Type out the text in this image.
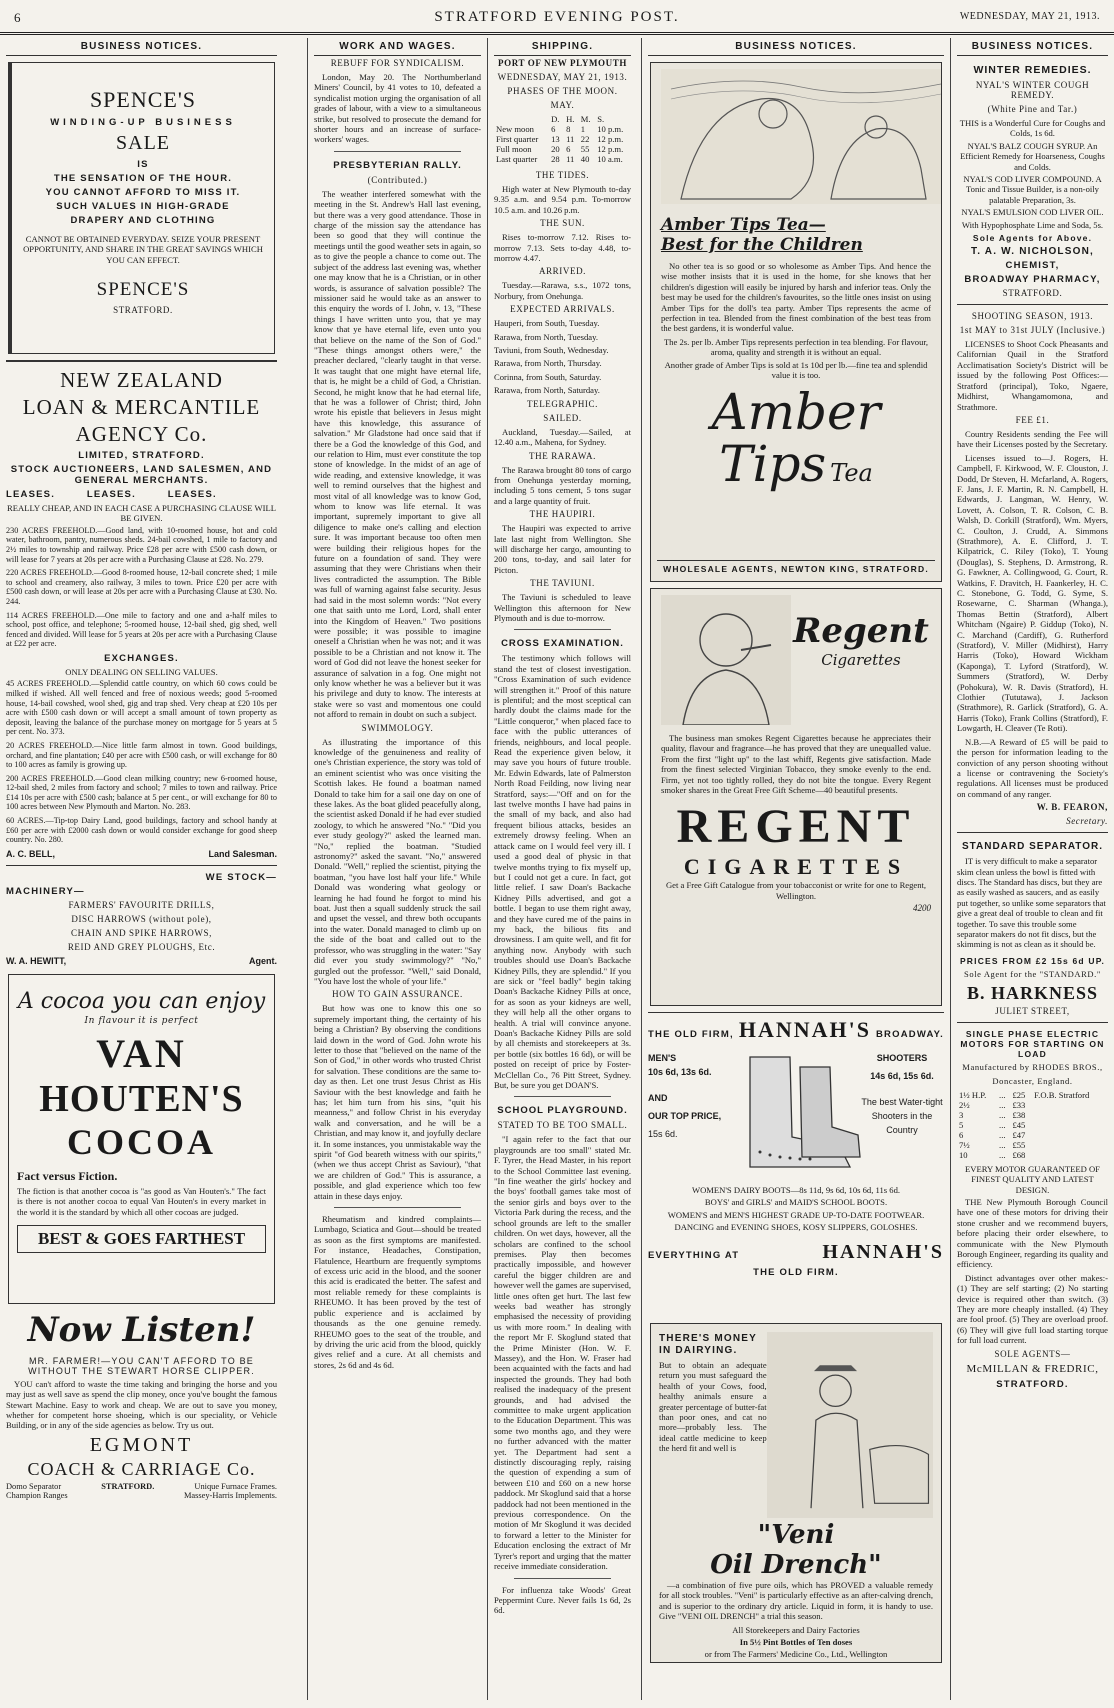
6	STRATFORD EVENING POST.	WEDNESDAY, MAY 21, 1913.
BUSINESS NOTICES.
SPENCE'S
WINDING-UP BUSINESS
SALE
IS
THE SENSATION OF THE HOUR.
YOU CANNOT AFFORD TO MISS IT.
SUCH VALUES IN HIGH-GRADE
DRAPERY AND CLOTHING

CANNOT BE OBTAINED EVERYDAY. SEIZE YOUR PRESENT OPPORTUNITY, AND SHARE IN THE GREAT SAVINGS WHICH YOU CAN EFFECT.

SPENCE'S
STRATFORD.
NEW ZEALAND
LOAN & MERCANTILE
AGENCY Co.
LIMITED, STRATFORD.
STOCK AUCTIONEERS, LAND SALESMEN, AND GENERAL MERCHANTS.
LEASES. LEASES. LEASES.

REALLY CHEAP, AND IN EACH CASE A PURCHASING CLAUSE WILL BE GIVEN.

230 ACRES FREEHOLD.—Good land, with 10-roomed house, hot and cold water, bathroom, pantry, numerous sheds. 24-bail cowshed, 1 mile to factory and 2½ miles to township and railway. Price £28 per acre with £500 cash down, or will lease for 7 years at 20s per acre with a Purchasing Clause at £28. No. 279.

220 ACRES FREEHOLD.—Good 8-roomed house, 12-bail concrete shed; 1 mile to school and creamery, also railway, 3 miles to town. Price £20 per acre with £500 cash down, or will lease at 20s per acre with a Purchasing Clause at £30. No. 244.

114 ACRES FREEHOLD.—One mile to factory and one and a-half miles to school, post office, and telephone; 5-roomed house, 12-bail shed, gig shed, well fenced and divided. Will lease for 5 years at 20s per acre with a Purchasing Clause at £22 per acre.

EXCHANGES.

ONLY DEALING ON SELLING VALUES.

45 ACRES FREEHOLD.—Splendid cattle country, on which 60 cows could be milked if wished. All well fenced and free of noxious weeds; good 5-roomed house, 14-bail cowshed, wool shed, gig and trap shed. Very cheap at £20 10s per acre with £500 cash down or will accept a small amount of town property as deposit, leaving the balance of the purchase money on mortgage for 5 years at 5 per cent. No. 373.

20 ACRES FREEHOLD.—Nice little farm almost in town. Good buildings, orchard, and fine plantation; £40 per acre with £500 cash, or will exchange for 80 to 100 acres as family is growing up.

200 ACRES FREEHOLD.—Good clean milking country; new 6-roomed house, 12-bail shed, 2 miles from factory and school; 7 miles to town and railway. Price £14 10s per acre with £500 cash; balance at 5 per cent., or will exchange for 80 to 100 acres between New Plymouth and Marton. No. 283.

60 ACRES.—Tip-top Dairy Land, good buildings, factory and school handy at £60 per acre with £2000 cash down or would consider exchange for good sheep country. No. 280.

A. C. BELL,	Land Salesman.
WE STOCK—
MACHINERY—
FARMERS' FAVOURITE DRILLS,
DISC HARROWS (without pole),
CHAIN AND SPIKE HARROWS,
REID AND GREY PLOUGHS, Etc.
W. A. HEWITT,	Agent.
A cocoa you can enjoy
In flavour it is perfect
VAN
HOUTEN'S
COCOA
Fact versus Fiction.

The fiction is that another cocoa is "as good as Van Houten's." The fact is there is not another cocoa to equal Van Houten's in every market in the world it is the standard by which all other cocoas are judged.

BEST & GOES FARTHEST
Now Listen!
MR. FARMER!—YOU CAN'T AFFORD TO BE WITHOUT THE STEWART HORSE CLIPPER.

YOU can't afford to waste the time taking and bringing the horse and you may just as well save as spend the clip money, once you've bought the famous Stewart Machine. Easy to work and cheap. We are out to save you money, whether for competent horse shoeing, which is our speciality, or Vehicle Building, or in any of the side agencies as below. Try us out.

EGMONT
COACH & CARRIAGE Co.
Domo Separator	STRATFORD.	Unique Furnace Frames.
Champion Ranges	Massey-Harris Implements.
WORK AND WAGES.
REBUFF FOR SYNDICALISM.

London, May 20. The Northumberland Miners' Council, by 41 votes to 10, defeated a syndicalist motion urging the organisation of all grades of labour, with a view to a simultaneous strike, but resolved to prosecute the demand for shorter hours and an increase of surface-workers' wages.

PRESBYTERIAN RALLY.
(Contributed.)

The weather interfered somewhat with the meeting in the St. Andrew's Hall last evening, but there was a very good attendance. Those in charge of the mission say the attendance has been so good that they will continue the meetings until the good weather sets in again, so as to give the people a chance to come out. The subject of the address last evening was, whether one may know that he is a Christian, or in other words, is assurance of salvation possible? The missioner said he would take as an answer to this enquiry the words of I. John, v. 13, "These things I have written unto you, that ye may know that ye have eternal life, even unto you that believe on the name of the Son of God." "These things amongst others were," the preacher declared, "clearly taught in that verse. It was taught that one might have eternal life, that is, he might be a child of God, a Christian. Second, he might know that he had eternal life, that he was a follower of Christ; third, John wrote his epistle that believers in Jesus might have this knowledge, this assurance of salvation." Mr Gladstone had once said that if there be a God the knowledge of this God, and our relation to Him, must ever constitute the top stone of knowledge. In the midst of an age of wide reading, and extensive knowledge, it was well to remind ourselves that the highest and most vital of all knowledge was to know God, whom to know was life eternal. It was important, supremely important to give all diligence to make one's calling and election sure. It was important because too often men were building their religious hopes for the future on a foundation of sand. They were assuming that they were Christians when their lives contradicted the assumption. The Bible was full of warning against false security. Jesus had said in the most solemn words: "Not every one that saith unto me Lord, Lord, shall enter into the Kingdom of Heaven." Two positions were possible; it was possible to imagine oneself a Christian when he was not; and it was possible to be a Christian and not know it. The word of God did not leave the honest seeker for assurance of salvation in a fog. One might not only know whether he was a believer but it was his privilege and duty to know. The interests at stake were so vast and momentous one could not afford to remain in doubt on such a subject.

SWIMMOLOGY.

As illustrating the importance of this knowledge of the genuineness and reality of one's Christian experience, the story was told of an eminent scientist who was once visiting the Scottish lakes. He found a boatman named Donald to take him for a sail one day on one of these lakes. As the boat glided peacefully along, the scientist asked Donald if he had ever studied zoology, to which he answered "No." "Did you ever study geology?" asked the learned man. "No," replied the boatman. "Studied astronomy?" asked the savant. "No," answered Donald. "Well," replied the scientist, pitying the boatman, "you have lost half your life." While Donald was wondering what geology or learning he had found he forgot to mind his boat. Just then a squall suddenly struck the sail and upset the vessel, and threw both occupants into the water. Donald managed to climb up on the side of the boat and called out to the professor, who was struggling in the water: "Say did ever you study swimmology?" "No," gurgled out the professor. "Well," said Donald, "You have lost the whole of your life."

HOW TO GAIN ASSURANCE.

But how was one to know this one so supremely important thing, the certainty of his being a Christian? By observing the conditions laid down in the word of God. John wrote his letter to those that "believed on the name of the Son of God," in other words who trusted Christ for salvation. These conditions are the same to-day as then. Let one trust Jesus Christ as His Saviour with the best knowledge and faith he has; let him turn from his sins, "quit his meanness," and follow Christ in his everyday walk and conversation, and he will be a Christian, and may know it, and joyfully declare it. In some instances, you unmistakable way the spirit "of God beareth witness with our spirits," (when we thus accept Christ as Saviour), "that we are children of God." This is assurance, a possible, and glad experience which too few attain in these days enjoy.

Rheumatism and kindred complaints—Lumbago, Sciatica and Gout—should be treated as soon as the first symptoms are manifested. For instance, Headaches, Constipation, Flatulence, Heartburn are frequently symptoms of excess uric acid in the blood, and the sooner this acid is eradicated the better. The safest and most reliable remedy for these complaints is RHEUMO. It has been proved by the test of public experience and is acclaimed by thousands as the one genuine remedy. RHEUMO goes to the seat of the trouble, and by driving the uric acid from the blood, quickly gives relief and a cure. At all chemists and stores, 2s 6d and 4s 6d.

SHIPPING.
PORT OF NEW PLYMOUTH
WEDNESDAY, MAY 21, 1913.
PHASES OF THE MOON.
MAY.
	D.	H.	M.	S.
New moon	6	8	1	10 p.m.
First quarter	13	11	22	12 p.m.
Full moon	20	6	55	12 p.m.
Last quarter	28	11	40	10 a.m.
THE TIDES.

High water at New Plymouth to-day 9.35 a.m. and 9.54 p.m. To-morrow 10.5 a.m. and 10.26 p.m.

THE SUN.

Rises to-morrow 7.12. Rises to-morrow 7.13. Sets to-day 4.48, to-morrow 4.47.

ARRIVED.

Tuesday.—Rarawa, s.s., 1072 tons, Norbury, from Onehunga.

EXPECTED ARRIVALS.

Hauperi, from South, Tuesday.

Rarawa, from North, Tuesday.

Taviuni, from South, Wednesday.

Rarawa, from North, Thursday.

Corinna, from South, Saturday.

Rarawa, from North, Saturday.

TELEGRAPHIC.
SAILED.

Auckland, Tuesday.—Sailed, at 12.40 a.m., Mahena, for Sydney.

THE RARAWA.

The Rarawa brought 80 tons of cargo from Onehunga yesterday morning, including 5 tons cement, 5 tons sugar and a large quantity of fruit.

THE HAUPIRI.

The Haupiri was expected to arrive late last night from Wellington. She will discharge her cargo, amounting to 200 tons, to-day, and sail later for Picton.

THE TAVIUNI.

The Taviuni is scheduled to leave Wellington this afternoon for New Plymouth and is due to-morrow.

CROSS EXAMINATION.

The testimony which follows will stand the test of closest investigation. "Cross Examination of such evidence will strengthen it." Proof of this nature is plentiful; and the most sceptical can hardly doubt the claims made for the "Little conqueror," when placed face to face with the public utterances of friends, neighbours, and local people. Read the experience given below, it may save you hours of future trouble. Mr. Edwin Edwards, late of Palmerston North Road Feilding, now living near Stratford, says:—"Off and on for the last twelve months I have had pains in the small of my back, and also had frequent bilious attacks, besides an extremely drowsy feeling. When an attack came on I would feel very ill. I used a good deal of physic in that twelve months trying to fix myself up, but I could not get a cure. In fact, got little relief. I saw Doan's Backache Kidney Pills advertised, and got a bottle. I began to use them right away, and they have cured me of the pains in my back, the bilious fits and drowsiness. I am quite well, and fit for anything now. Anybody with such troubles should use Doan's Backache Kidney Pills, they are splendid." If you are sick or "feel badly" begin taking Doan's Backache Kidney Pills at once, for as soon as your kidneys are well, they will help all the other organs to health. A trial will convince anyone. Doan's Backache Kidney Pills are sold by all chemists and storekeepers at 3s. per bottle (six bottles 16 6d), or will be posted on receipt of price by Foster-McClellan Co., 76 Pitt Street, Sydney. But, be sure you get DOAN'S.

SCHOOL PLAYGROUND.
STATED TO BE TOO SMALL.

"I again refer to the fact that our playgrounds are too small" stated Mr. F. Tyrer, the Head Master, in his report to the School Committee last evening. "In fine weather the girls' hockey and the boys' football games take most of the senior girls and boys over to the Victoria Park during the recess, and the school grounds are left to the smaller children. On wet days, however, all the scholars are confined to the school premises. Play then becomes practically impossible, and however careful the bigger children are and however well the games are supervised, little ones often get hurt. The last few weeks bad weather has strongly emphasised the necessity of providing us with more room." In dealing with the report Mr F. Skoglund stated that the Prime Minister (Hon. W. F. Massey), and the Hon. W. Fraser had been acquainted with the facts and had inspected the grounds. They had both realised the inadequacy of the present grounds, and had advised the committee to make urgent application to the Education Department. This was some two months ago, and they were no further advanced with the matter yet. The Department had sent a distinctly discouraging reply, raising the question of expending a sum of between £10 and £60 on a new horse paddock. Mr Skoglund said that a horse paddock had not been mentioned in the previous correspondence. On the motion of Mr Skoglund it was decided to forward a letter to the Minister for Education enclosing the extract of Mr Tyrer's report and urging that the matter receive immediate consideration.

For influenza take Woods' Great Peppermint Cure. Never fails 1s 6d, 2s 6d.

BUSINESS NOTICES.
Amber Tips Tea—
Best for the Children

No other tea is so good or so wholesome as Amber Tips. And hence the wise mother insists that it is used in the home, for she knows that her children's digestion will easily be injured by harsh and inferior teas. Only the best may be used for the children's favourites, so the little ones insist on using Amber Tips for the doll's tea party. Amber Tips represents the acme of perfection in tea. Blended from the finest combination of the best teas from the best gardens, it is wonderful value.

The 2s. per lb. Amber Tips represents perfection in tea blending. For flavour, aroma, quality and strength it is without an equal.

Another grade of Amber Tips is sold at 1s 10d per lb.—fine tea and splendid value it is too.

Amber
Tips Tea
WHOLESALE AGENTS, NEWTON KING, STRATFORD.
Regent
Cigarettes

The business man smokes Regent Cigarettes because he appreciates their quality, flavour and fragrance—he has proved that they are unequalled value. From the first "light up" to the last whiff, Regents give satisfaction. Made from the finest selected Virginian Tobacco, they smoke evenly to the end. Firm, yet not too tightly rolled, they do not bite the tongue. Every Regent smoker shares in the Great Free Gift Scheme—40 beautiful presents.

REGENT
CIGARETTES

Get a Free Gift Catalogue from your tobacconist or write for one to Regent, Wellington.

4200
THE OLD FIRM, HANNAH'S BROADWAY.
MEN'S
10s 6d, 13s 6d.
AND
OUR TOP PRICE,
15s 6d.
SHOOTERS
14s 6d, 15s 6d.
The best Water-tight Shooters in the Country

WOMEN'S DAIRY BOOTS—8s 11d, 9s 6d, 10s 6d, 11s 6d.

BOYS' and GIRLS' and MAID'S SCHOOL BOOTS.

WOMEN'S and MEN'S HIGHEST GRADE UP-TO-DATE FOOTWEAR.

DANCING and EVENING SHOES, KOSY SLIPPERS, GOLOSHES.

EVERYTHING AT	HANNAH'S
THE OLD FIRM.
THERE'S MONEY IN DAIRYING.

But to obtain an adequate return you must safeguard the health of your Cows, food, healthy animals ensure a greater percentage of butter-fat than poor ones, and cat no more—probably less. The ideal cattle medicine to keep the herd fit and well is

"Veni
Oil Drench"

—a combination of five pure oils, which has PROVED a valuable remedy for all stock troubles. "Veni" is particularly effective as an after-calving drench, and is superior to the ordinary dry article. Liquid in form, it is handy to use. Give "VENI OIL DRENCH" a trial this season.

All Storekeepers and Dairy Factories

In 5½ Pint Bottles of Ten doses

or from The Farmers' Medicine Co., Ltd., Wellington

BUSINESS NOTICES.
WINTER REMEDIES.
NYAL'S WINTER COUGH REMEDY.
(White Pine and Tar.)

THIS is a Wonderful Cure for Coughs and Colds, 1s 6d.

NYAL'S BALZ COUGH SYRUP. An Efficient Remedy for Hoarseness, Coughs and Colds.

NYAL'S COD LIVER COMPOUND. A Tonic and Tissue Builder, is a non-oily palatable Preparation, 3s.

NYAL'S EMULSION COD LIVER OIL.

With Hypophosphate Lime and Soda, 5s.

Sole Agents for Above.
T. A. W. NICHOLSON,
CHEMIST,
BROADWAY PHARMACY,
STRATFORD.
SHOOTING SEASON, 1913.
1st MAY to 31st JULY (Inclusive.)

LICENSES to Shoot Cock Pheasants and Californian Quail in the Stratford Acclimatisation Society's District will be issued by the following Post Offices:— Stratford (principal), Toko, Ngaere, Midhirst, Whangamomona, and Strathmore.

FEE £1.

Country Residents sending the Fee will have their Licenses posted by the Secretary.

Licenses issued to—J. Rogers, H. Campbell, F. Kirkwood, W. F. Clouston, J. Dodd, Dr Steven, H. Mcfarland, A. Rogers, F. Jans, J. F. Martin, R. N. Campbell, H. Edwards, J. Langman, W. Henry, W. Lovett, A. Colson, T. R. Colson, C. B. Walsh, D. Corkill (Stratford), Wm. Myers, C. Coulton, J. Crudd, A. Simmons (Strathmore), A. E. Clifford, J. T. Kilpatrick, C. Riley (Toko), T. Young (Douglas), S. Stephens, D. Armstrong, R. G. Fawkner, A. Collingwood, G. Court, R. Watkins, F. Dravitch, H. Faankerley, H. C. C. Stonebone, G. Todd, G. Syme, S. Rosewarne, C. Sharman (Whanga.), Thomas Bettin (Stratford), Albert Whitcham (Ngaire) P. Giddup (Toko), N. C. Marchand (Cardiff), G. Rutherford (Stratford), V. Miller (Midhirst), Harry Harris (Toko), Howard Wickham (Kaponga), T. Lyford (Stratford), W. Summers (Stratford), W. Derby (Pohokura), W. R. Davis (Stratford), H. Clothier (Tututawa), J. Jackson (Strathmore), R. Garlick (Stratford), G. A. Harris (Toko), Frank Collins (Stratford), F. Lowgarth, H. Cleaver (Te Roti).

N.B.—A Reward of £5 will be paid to the person for information leading to the conviction of any person shooting without a license or contravening the Society's regulations. All licenses must be produced on command of any ranger.

W. B. FEARON,
Secretary.
STANDARD SEPARATOR.

IT is very difficult to make a separator skim clean unless the bowl is fitted with discs. The Standard has discs, but they are as easily washed as saucers, and as easily put together, so unlike some separators that give a great deal of trouble to clean and fit together. To save this trouble some separator makers do not fit discs, but the skimming is not as clean as it should be.

PRICES FROM £2 15s 6d UP.
Sole Agent for the "STANDARD."
B. HARKNESS
JULIET STREET,
SINGLE PHASE ELECTRIC MOTORS FOR STARTING ON LOAD
Manufactured by RHODES BROS.,
Doncaster, England.
1½ H.P.	...	£25	F.O.B. Stratford
2½	...	£33	
3	...	£38	
5	...	£45	
6	...	£47	
7½	...	£55	
10	...	£68	

EVERY MOTOR GUARANTEED OF FINEST QUALITY AND LATEST DESIGN.

THE New Plymouth Borough Council have one of these motors for driving their stone crusher and we recommend buyers, before placing their order elsewhere, to communicate with the New Plymouth Borough Engineer, regarding its quality and efficiency.

Distinct advantages over other makes:- (1) They are self starting; (2) No starting device is required other than switch. (3) They are more cheaply installed. (4) They are fool proof. (5) They are overload proof. (6) They will give full load starting torque for full load current.

SOLE AGENTS—
McMILLAN & FREDRIC,
STRATFORD.
